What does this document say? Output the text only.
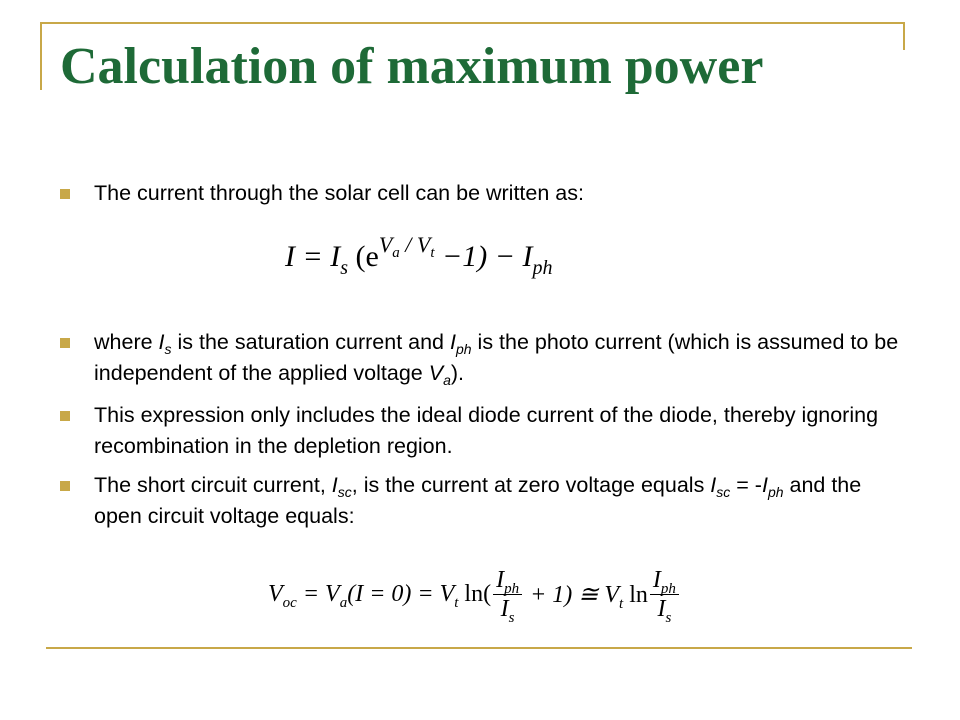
Calculation of maximum power

The current through the solar cell can be written as:

$I = I_s$ $(e^{V_a / V_t} -1) - I_{ph}$

where $I_s$ is the saturation current and $I_{ph}$ is the photo current (which is assumed to be independent of the applied voltage $V_a$).

This expression only includes the ideal diode current of the diode, thereby ignoring recombination in the depletion region.

The short circuit current, $I_{sc}$, is the current at zero voltage equals $I_{sc} = -I_{ph}$ and the open circuit voltage equals:

$V_{oc} = V_a(I = 0) = V_t$ $\ln( \frac{I_{ph}}{I_s} + 1)$ ≅ $V_t$ $\ln \frac{I_{ph}}{I_s}$
